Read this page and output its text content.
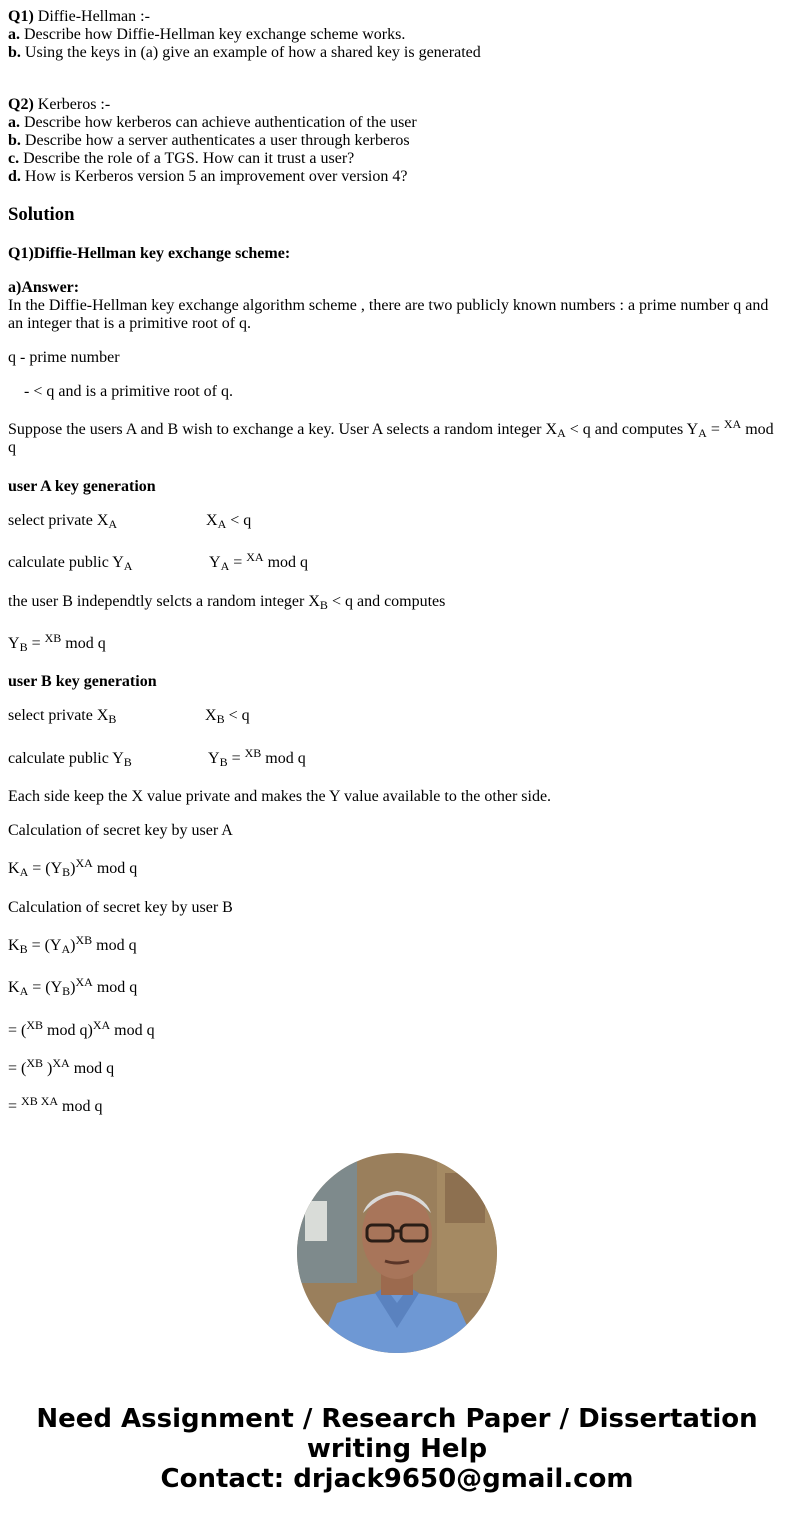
Q1) Diffie-Hellman :-
a. Describe how Diffie-Hellman key exchange scheme works.
b. Using the keys in (a) give an example of how a shared key is generated
Q2) Kerberos :-
a. Describe how kerberos can achieve authentication of the user
b. Describe how a server authenticates a user through kerberos
c. Describe the role of a TGS. How can it trust a user?
d. How is Kerberos version 5 an improvement over version 4?
Solution
Q1)Diffie-Hellman key exchange scheme:
a)Answer:
In the Diffie-Hellman key exchange algorithm scheme , there are two publicly known numbers : a prime number q and an integer that is a primitive root of q.
q - prime number
- < q and is a primitive root of q.
Suppose the users A and B wish to exchange a key. User A selects a random integer $X_A < q$ and computes $Y_A = ^{XA}$ mod q
user A key generation
select private $X_A$	$X_A < q$
calculate public $Y_A$	$Y_A = ^{XA}$ mod q
the user B independtly selcts a random integer $X_B < q$ and computes
$Y_B = ^{XB}$ mod q
user B key generation
select private $X_B$	$X_B < q$
calculate public $Y_B$	$Y_B = ^{XB}$ mod q
Each side keep the X value private and makes the Y value available to the other side.
Calculation of secret key by user A
$K_A = (Y_B)^{XA}$ mod q
Calculation of secret key by user B
$K_B = (Y_A)^{XB}$ mod q
$K_A = (Y_B)^{XA}$ mod q
= ($^{XB}$ mod q)$^{XA}$ mod q
= ($^{XB}$ )$^{XA}$ mod q
= $^{XB XA}$ mod q
Need Assignment / Research Paper / Dissertation
writing Help
Contact: drjack9650@gmail.com
